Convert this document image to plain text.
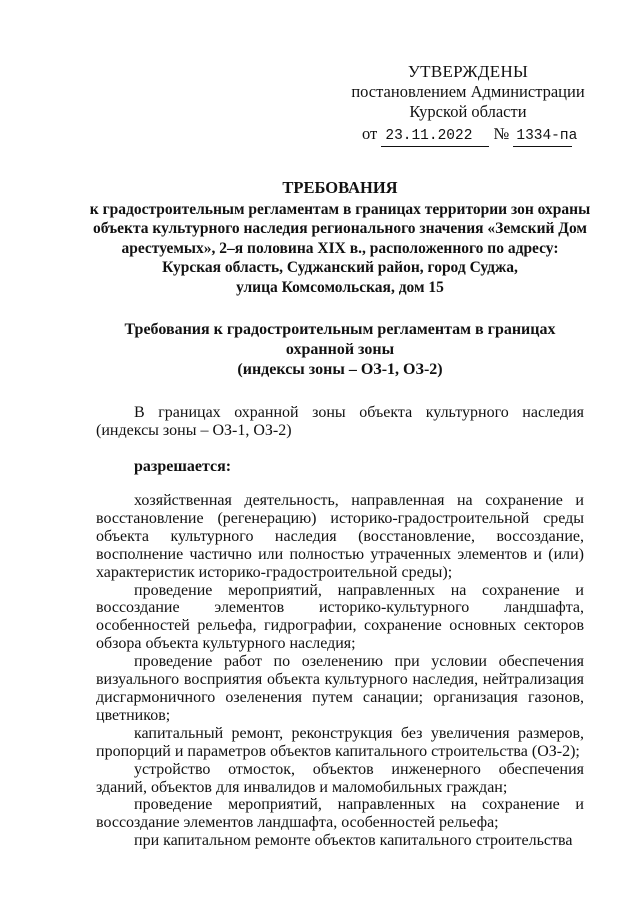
УТВЕРЖДЕНЫ
постановлением Администрации
Курской области
от 23.11.2022 № 1334-па
ТРЕБОВАНИЯ
к градостроительным регламентам в границах территории зон охраны
объекта культурного наследия регионального значения «Земский Дом
арестуемых», 2–я половина XIX в., расположенного по адресу:
Курская область, Суджанский район, город Суджа,
улица Комсомольская, дом 15
Требования к градостроительным регламентам в границах
охранной зоны
(индексы зоны – ОЗ-1, ОЗ-2)

В границах охранной зоны объекта культурного наследия (индексы зоны – ОЗ-1, ОЗ-2)

разрешается:

хозяйственная деятельность, направленная на сохранение и восстановление (регенерацию) историко-градостроительной среды объекта культурного наследия (восстановление, воссоздание, восполнение частично или полностью утраченных элементов и (или) характеристик историко-градостроительной среды);

проведение мероприятий, направленных на сохранение и воссоздание элементов историко-культурного ландшафта, особенностей рельефа, гидрографии, сохранение основных секторов обзора объекта культурного наследия;

проведение работ по озеленению при условии обеспечения визуального восприятия объекта культурного наследия, нейтрализация дисгармоничного озеленения путем санации; организация газонов, цветников;

капитальный ремонт, реконструкция без увеличения размеров, пропорций и параметров объектов капитального строительства (ОЗ-2);

устройство отмосток, объектов инженерного обеспечения зданий, объектов для инвалидов и маломобильных граждан;

проведение мероприятий, направленных на сохранение и воссоздание элементов ландшафта, особенностей рельефа;

при капитальном ремонте объектов капитального строительства
